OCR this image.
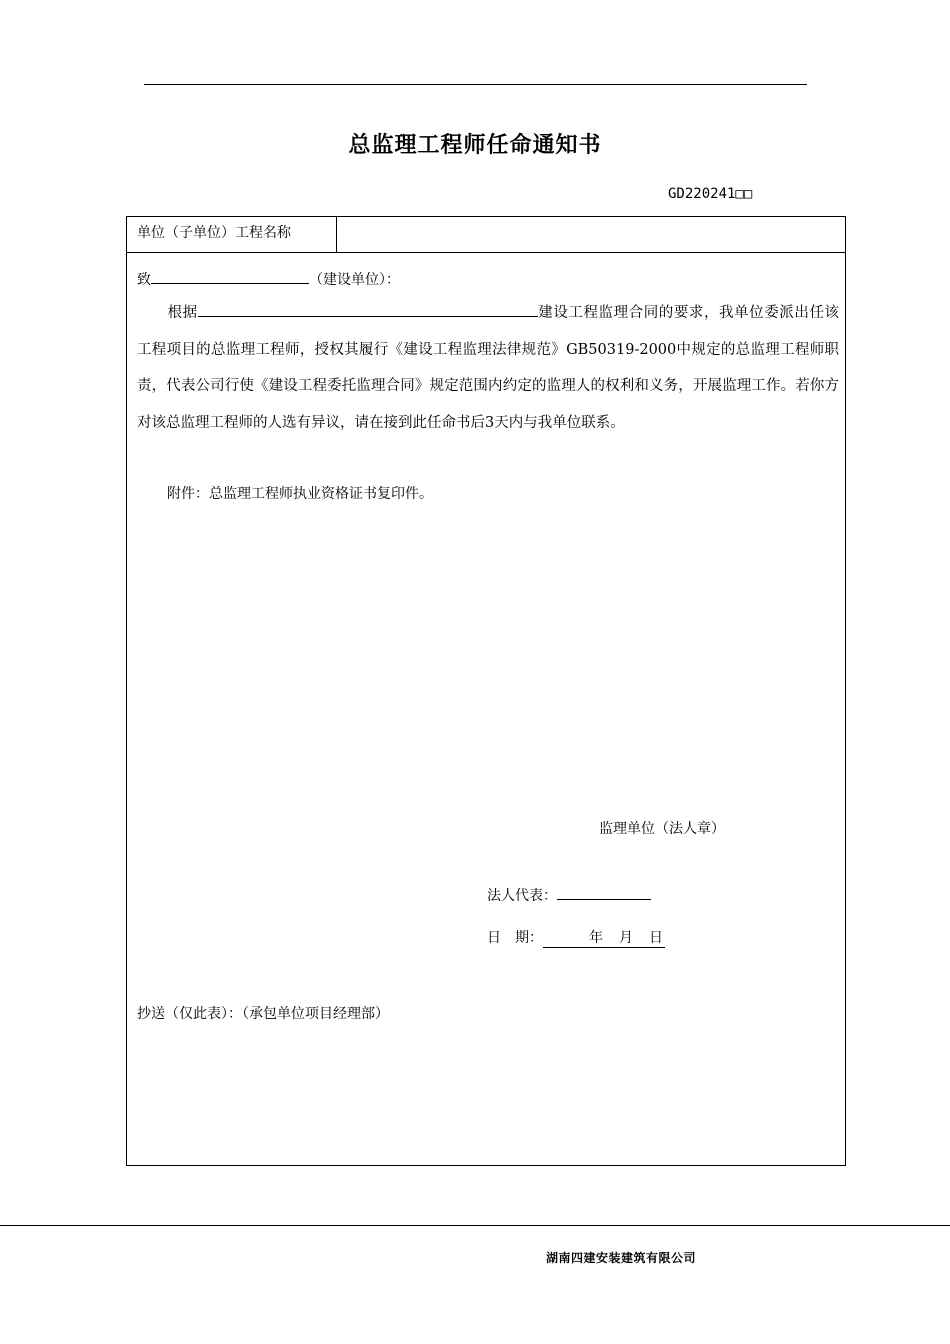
总监理工程师任命通知书
GD220241□□
单位（子单位）工程名称
致	（建设单位）：
根据	建设工程监理合同的要求，我单位委派出任该工程项目的总监理工程师，授权其履行《建设工程监理法律规范》GB50319-2000中规定的总监理工程师职责，代表公司行使《建设工程委托监理合同》规定范围内约定的监理人的权利和义务，开展监理工作。若你方对该总监理工程师的人选有异议，请在接到此任命书后3天内与我单位联系。
附件：总监理工程师执业资格证书复印件。
监理单位（法人章）
法人代表：
日　期：	年 月 日
抄送（仅此表）：（承包单位项目经理部）
湖南四建安装建筑有限公司
